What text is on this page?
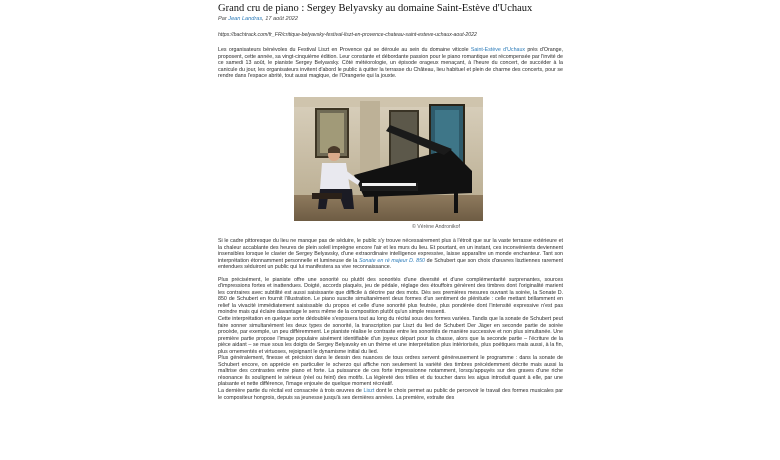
Grand cru de piano : Sergey Belyavsky au domaine Saint-Estève d'Uchaux
Par Jean Landras, 17 août 2022
https://bachtrack.com/fr_FR/critique-belyavsky-festival-liszt-en-provence-chateau-saint-esteve-uchaux-aout-2022

Les organisateurs bénévoles du Festival Liszt en Provence qui se déroule au sein du domaine viticole Saint-Estève d'Uchaux près d'Orange, proposent, cette année, sa vingt-cinquième édition. Leur constante et débordante passion pour le piano romantique est récompensée par l'invité de ce samedi 13 août, le pianiste Sergey Belyavsky. Côté météorologie, un épisode orageux menaçant, à l'heure du concert, de succéder à la canicule du jour, les organisateurs invitent d'abord le public à quitter la terrasse du Château, lieu habituel et plein de charme des concerts, pour se rendre dans l'espace abrité, tout aussi magique, de l'Orangerie qui la jouxte.

© Vérène Andronikof

Si le cadre pittoresque du lieu ne manque pas de séduire, le public s'y trouve nécessairement plus à l'étroit que sur la vaste terrasse extérieure et la chaleur accablante des heures de plein soleil imprègne encore l'air et les murs du lieu. Et pourtant, en un instant, ces inconvénients deviennent insensibles lorsque le clavier de Sergey Belyavsky, d'une extraordinaire intelligence expressive, laisse apparaître un monde enchanteur. Tant son interprétation étonnamment personnelle et lumineuse de la Sonate en ré majeur D. 850 de Schubert que son choix d'œuvres lisztiennes rarement entendues séduiront un public qui lui manifestera sa vive reconnaissance.

Plus précisément, le pianiste offre une sonorité ou plutôt des sonorités d'une diversité et d'une complémentarité surprenantes, sources d'impressions fortes et inattendues. Doigté, accords plaqués, jeu de pédale, réglage des étouffoirs génèrent des timbres dont l'originalité marient les contraires avec subtilité est aussi saisissante que difficile à décrire par des mots. Dès ses premières mesures ouvrant la soirée, la Sonate D. 850 de Schubert en fournit l'illustration. Le piano suscite simultanément deux formes d'un sentiment de plénitude : celle mettant brillamment en relief la vivacité immédiatement saisissable du propos et celle d'une sonorité plus feutrée, plus pondérée dont l'intensité expressive n'est pas moindre mais qui éclaire davantage le sens même de la composition plutôt qu'un simple ressenti.

Cette interprétation en quelque sorte dédoublée s'exposera tout au long du récital sous des formes variées. Tandis que la sonate de Schubert peut faire sonner simultanément les deux types de sonorité, la transcription par Liszt du lied de Schubert Der Jäger en seconde partie de soirée procède, par exemple, un peu différemment. Le pianiste réalise le contraste entre les sonorités de manière successive et non plus simultanée. Une première partie propose l'image populaire aisément identifiable d'un joyeux départ pour la chasse, alors que la seconde partie – l'écriture de la pièce aidant – se mue sous les doigts de Sergey Belyavsky en un thème et une interprétation plus intériorisés, plus poétiques mais aussi, à la fin, plus ornementés et virtuoses, rejoignant le dynamisme initial du lied.

Plus généralement, finesse et précision dans le dessin des nuances de tous ordres servent généreusement le programme : dans la sonate de Schubert encore, on apprécie en particulier le scherzo qui affiche non seulement la variété des timbres précédemment décrite mais aussi la maîtrise des contrastes entre piano et forte. La puissance de ces forte impressionne notamment, lorsqu'appuyés sur des graves d'une riche résonance ils soulignent le sérieux (réel ou feint) des motifs. La légèreté des trilles et du toucher dans les aigus introduit quant à elle, par une plaisante et nette différence, l'image enjouée de quelque moment récréatif.

La dernière partie du récital est consacrée à trois œuvres de Liszt dont le choix permet au public de percevoir le travail des formes musicales par le compositeur hongrois, depuis sa jeunesse jusqu'à ses dernières années. La première, extraite des
